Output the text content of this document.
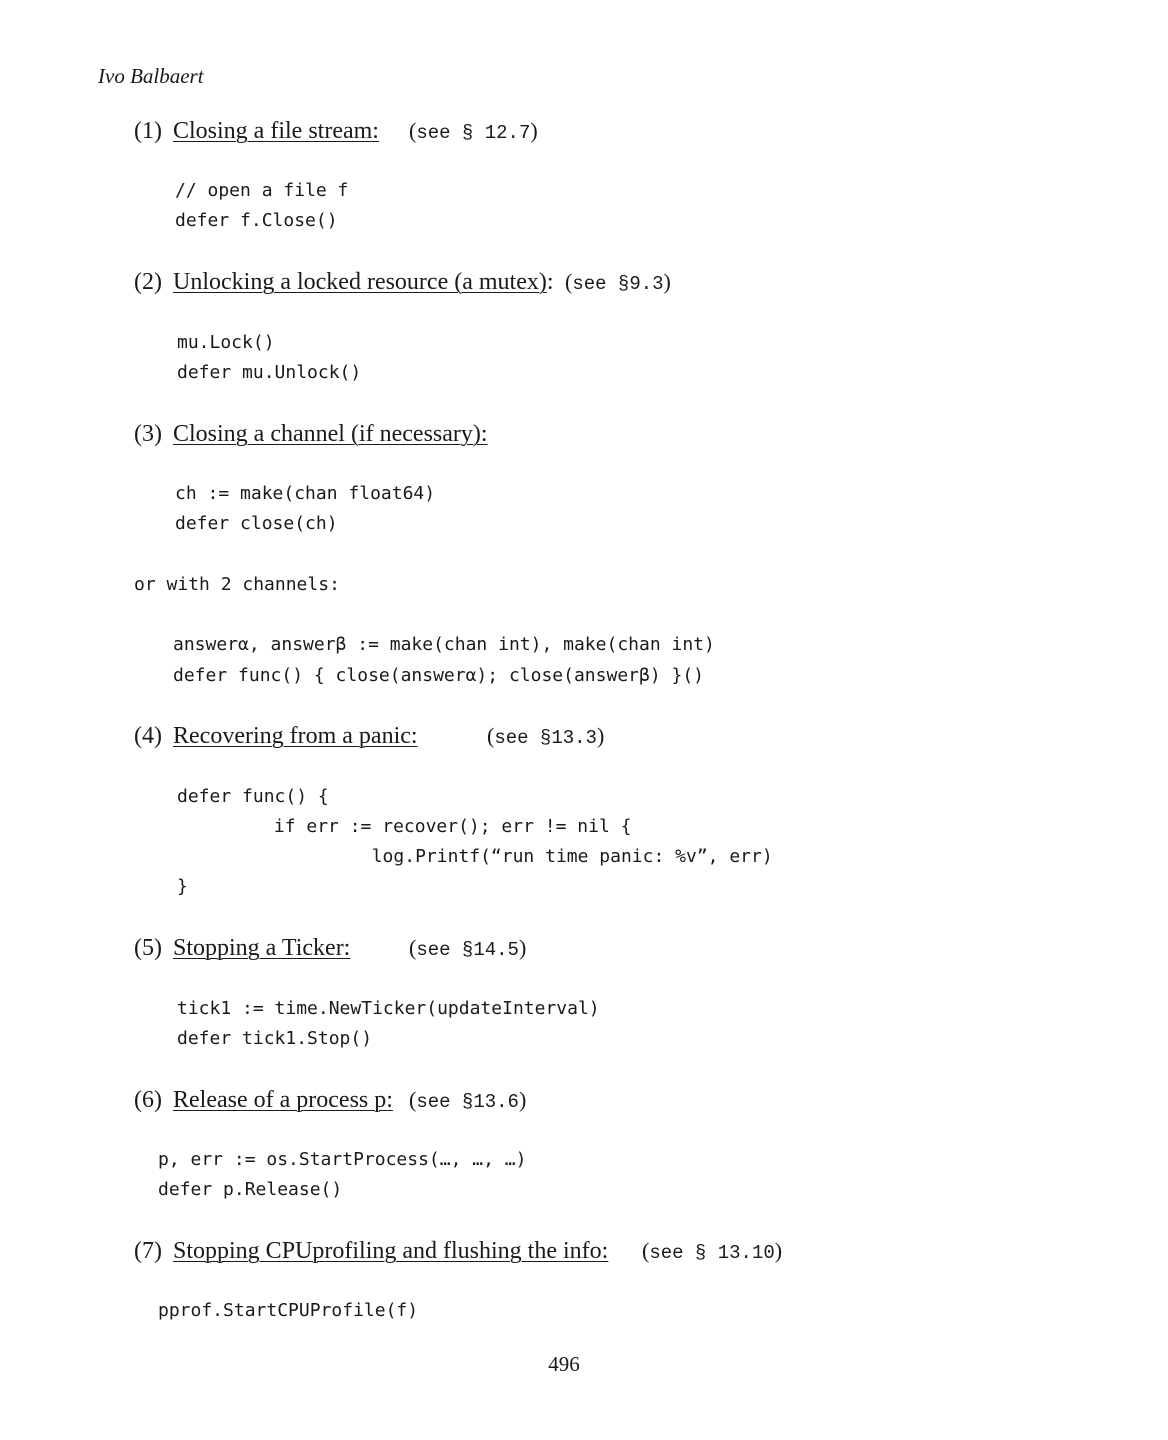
Ivo Balbaert
(1) Closing a file stream: (see § 12.7)
// open a file f
defer f.Close()
(2) Unlocking a locked resource (a mutex): (see §9.3)
mu.Lock()
defer mu.Unlock()
(3) Closing a channel (if necessary):
ch := make(chan float64)
defer close(ch)
or with 2 channels:
answerα, answerβ := make(chan int), make(chan int)
defer func() { close(answerα); close(answerβ) }()
(4) Recovering from a panic:	(see §13.3)
defer func() {
if err := recover(); err != nil {
log.Printf(“run time panic: %v”, err)
}
(5) Stopping a Ticker:	(see §14.5)
tick1 := time.NewTicker(updateInterval)
defer tick1.Stop()
(6) Release of a process p: (see §13.6)
p, err := os.StartProcess(…, …, …)
defer p.Release()
(7) Stopping CPUprofiling and flushing the info: (see § 13.10)
pprof.StartCPUProfile(f)
496
